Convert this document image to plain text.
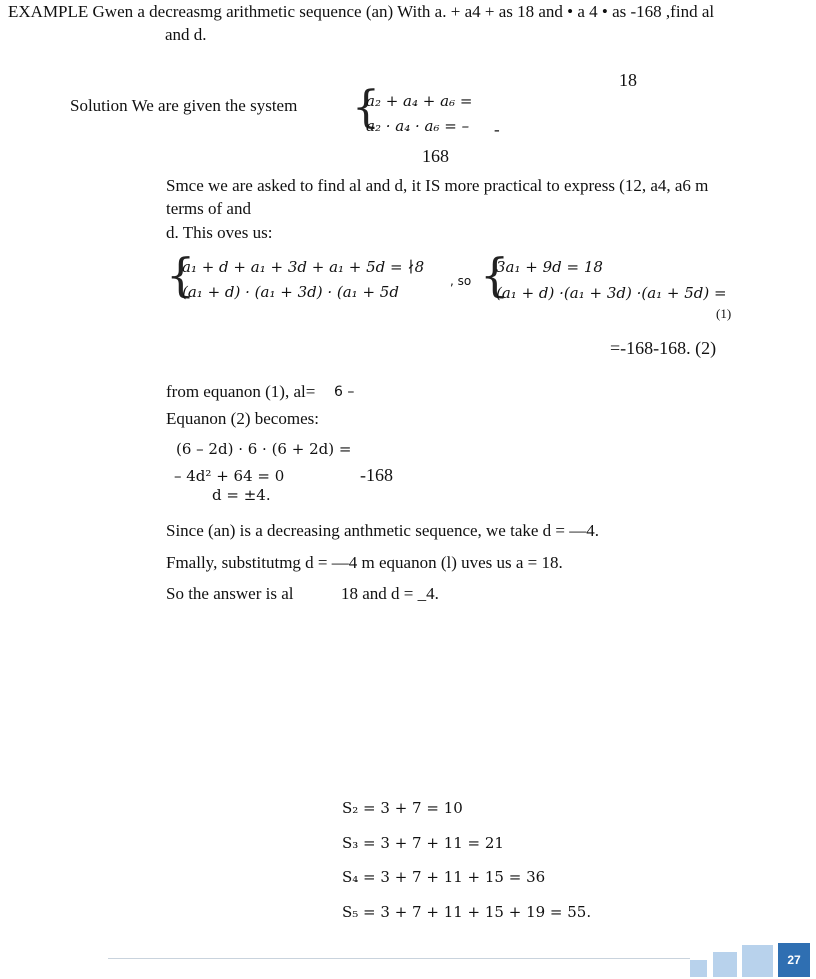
EXAMPLE Gwen a decreasmg arithmetic sequence (an) With a. + a4 + as 18 and • a 4 • as -168 ,find al
and d.
18
Solution We are given the system {
a₂ + a₄ + a₆ =
a₂ · a₄ · a₆ = – -
168
Smce we are asked to find al and d, it IS more practical to express (12, a4, a6 m
terms of and
d. This oves us:
{
a₁ + d + a₁ + 3d + a₁ + 5d = ∤8
(a₁ + d) · (a₁ + 3d) · (a₁ + 5d
, so {
3a₁ + 9d = 18
(a₁ + d) ·(a₁ + 3d) ·(a₁ + 5d) =
(1)
=-168-168. (2)
from equanon (1), al= 6 –
Equanon (2) becomes:
(6 – 2d) · 6 · (6 + 2d) =
– 4d² + 64 = 0
d = ±4.
-168
Since (an) is a decreasing anthmetic sequence, we take d = —4.
Fmally, substitutmg d = —4 m equanon (l) uves us a = 18.
So the answer is al	18 and d = _4.
S₂ = 3 + 7 = 10
S₃ = 3 + 7 + 11 = 21
S₄ = 3 + 7 + 11 + 15 = 36
S₅ = 3 + 7 + 11 + 15 + 19 = 55.
27
